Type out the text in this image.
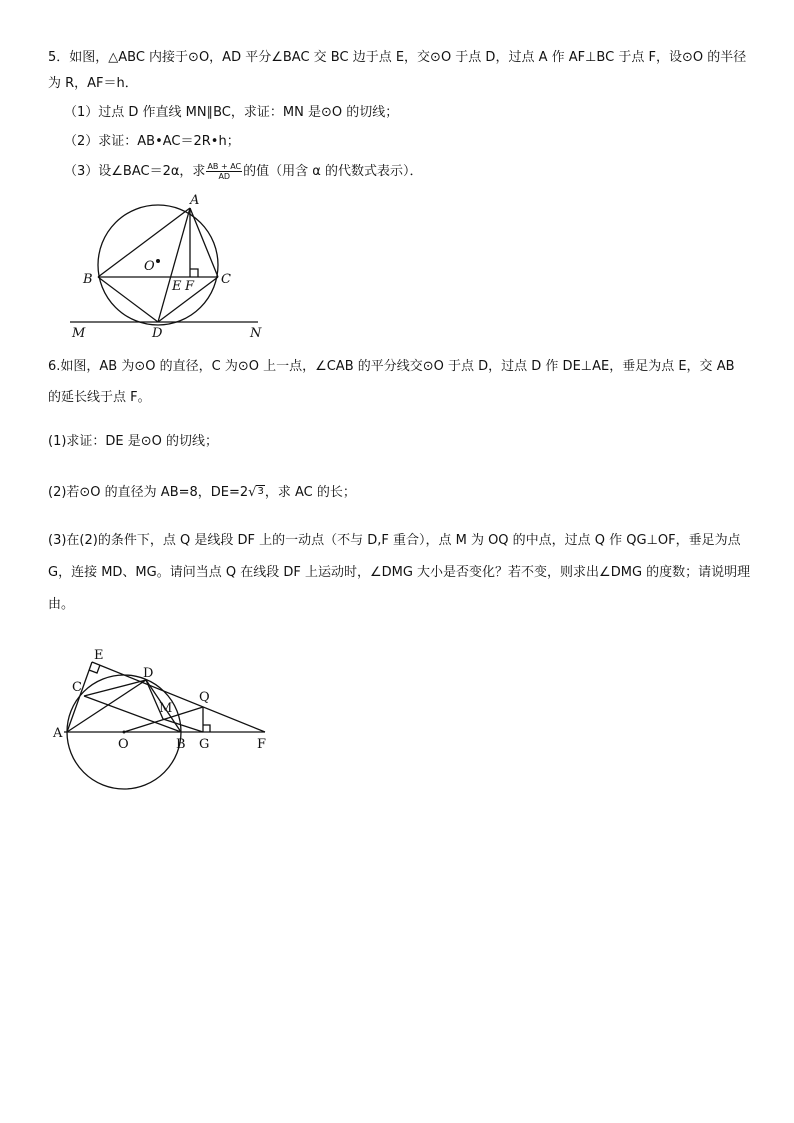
5．如图，△ABC 内接于⊙O，AD 平分∠BAC 交 BC 边于点 E，交⊙O 于点 D，过点 A 作 AF⊥BC 于点 F，设⊙O 的半径
为 R，AF＝h．
（1）过点 D 作直线 MN∥BC，求证：MN 是⊙O 的切线；
（2）求证：AB•AC＝2R•h；
（3）设∠BAC＝2α，求 $\frac{AB + AC}{AD}$ 的值（用含 α 的代数式表示）．
A
B	C
O
E F
D
M	N
6.如图，AB 为⊙O 的直径，C 为⊙O 上一点，∠CAB 的平分线交⊙O 于点 D，过点 D 作 DE⊥AE，垂足为点 E，交 AB
的延长线于点 F。
(1)求证：DE 是⊙O 的切线；
(2)若⊙O 的直径为 AB=8，DE=2√3，求 AC 的长；
(3)在(2)的条件下，点 Q 是线段 DF 上的一动点（不与 D,F 重合），点 M 为 OQ 的中点，过点 Q 作 QG⊥OF，垂足为点
G，连接 MD、MG。请问当点 Q 在线段 DF 上运动时，∠DMG 大小是否变化？若不变，则求出∠DMG 的度数；请说明理
由。
E
D
C
Q
M
A
O	B G	F
